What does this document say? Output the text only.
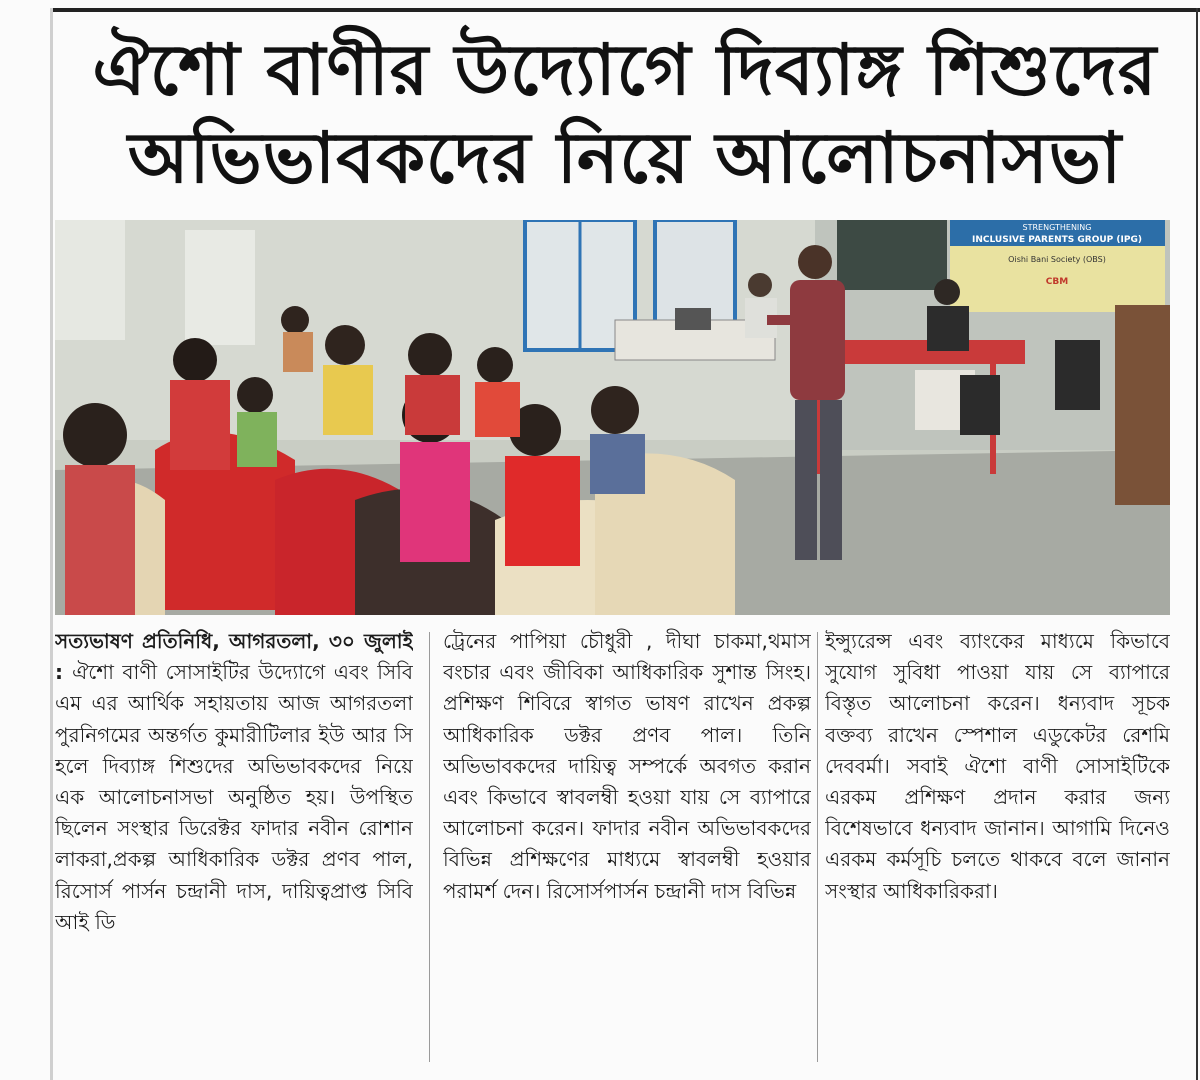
ঐশো বাণীর উদ্যোগে দিব্যাঙ্গ শিশুদের
অভিভাবকদের নিয়ে আলোচনাসভা
STRENGTHENING
INCLUSIVE PARENTS GROUP (IPG)
Oishi Bani Society (OBS)
CBM
সত্যভাষণ প্রতিনিধি, আগরতলা, ৩০ জুলাই : ঐশো বাণী সোসাইটির উদ্যোগে এবং সিবি এম এর আর্থিক সহায়তায় আজ আগরতলা পুরনিগমের অন্তর্গত কুমারীটিলার ইউ আর সি হলে দিব্যাঙ্গ শিশুদের অভিভাবকদের নিয়ে এক আলোচনাসভা অনুষ্ঠিত হয়। উপস্থিত ছিলেন সংস্থার ডিরেক্টর ফাদার নবীন রোশান লাকরা,প্রকল্প আধিকারিক ডক্টর প্রণব পাল, রিসোর্স পার্সন চন্দ্রানী দাস, দায়িত্বপ্রাপ্ত সিবি আই ডি
ট্রেনের পাপিয়া চৌধুরী , দীঘা চাকমা,থমাস বংচার এবং জীবিকা আধিকারিক সুশান্ত সিংহ। প্রশিক্ষণ শিবিরে স্বাগত ভাষণ রাখেন প্রকল্প আধিকারিক ডক্টর প্রণব পাল। তিনি অভিভাবকদের দায়িত্ব সম্পর্কে অবগত করান এবং কিভাবে স্বাবলম্বী হওয়া যায় সে ব্যাপারে আলোচনা করেন। ফাদার নবীন অভিভাবকদের বিভিন্ন প্রশিক্ষণের মাধ্যমে স্বাবলম্বী হওয়ার পরামর্শ দেন। রিসোর্সপার্সন চন্দ্রানী দাস বিভিন্ন
ইন্স্যুরেন্স এবং ব্যাংকের মাধ্যমে কিভাবে সুযোগ সুবিধা পাওয়া যায় সে ব্যাপারে বিস্তৃত আলোচনা করেন। ধন্যবাদ সূচক বক্তব্য রাখেন স্পেশাল এডুকেটর রেশমি দেববর্মা। সবাই ঐশো বাণী সোসাইটিকে এরকম প্রশিক্ষণ প্রদান করার জন্য বিশেষভাবে ধন্যবাদ জানান। আগামি দিনেও এরকম কর্মসূচি চলতে থাকবে বলে জানান সংস্থার আধিকারিকরা।
